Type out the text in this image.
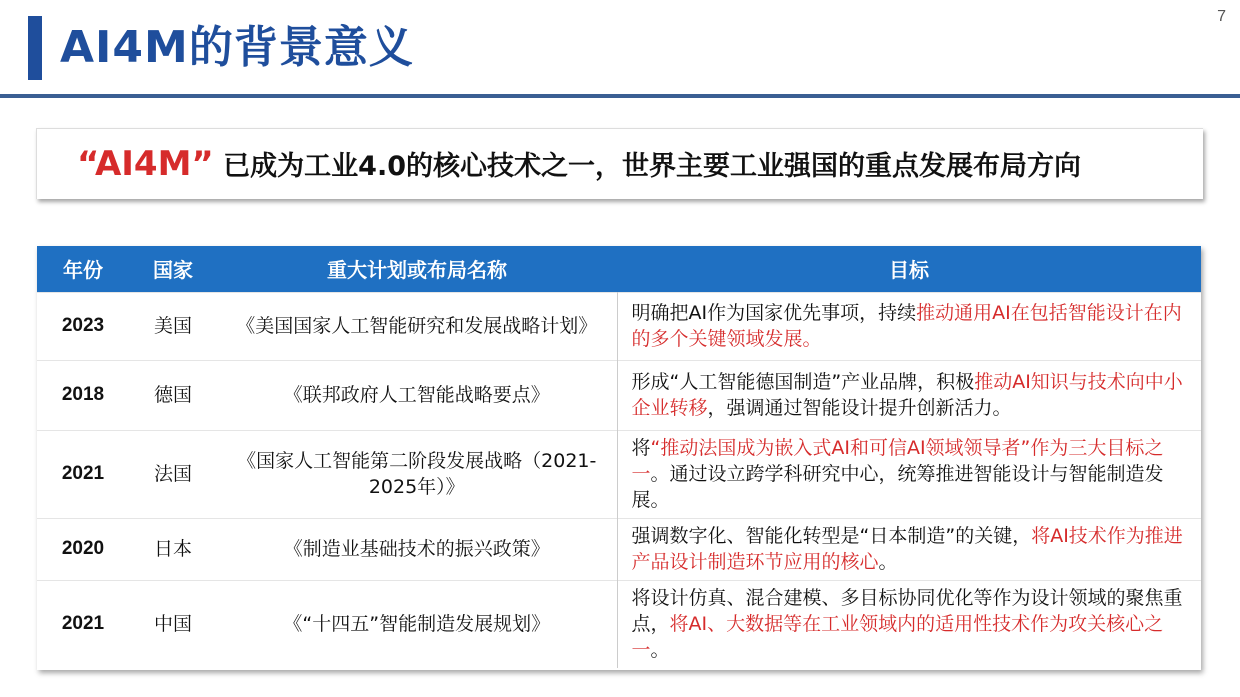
7
AI4M的背景意义
“AI4M” 已成为工业4.0的核心技术之一，世界主要工业强国的重点发展布局方向
年份	国家	重大计划或布局名称	目标
2023	美国	《美国国家人工智能研究和发展战略计划》	明确把AI作为国家优先事项，持续推动通用AI在包括智能设计在内的多个关键领域发展。
2018	德国	《联邦政府人工智能战略要点》	形成“人工智能德国制造”产业品牌，积极推动AI知识与技术向中小企业转移，强调通过智能设计提升创新活力。
2021	法国	《国家人工智能第二阶段发展战略（2021-2025年）》	将“推动法国成为嵌入式AI和可信AI领域领导者”作为三大目标之一。通过设立跨学科研究中心，统筹推进智能设计与智能制造发展。
2020	日本	《制造业基础技术的振兴政策》	强调数字化、智能化转型是“日本制造”的关键，将AI技术作为推进产品设计制造环节应用的核心。
2021	中国	《“十四五”智能制造发展规划》	将设计仿真、混合建模、多目标协同优化等作为设计领域的聚焦重点，将AI、大数据等在工业领域内的适用性技术作为攻关核心之一。
